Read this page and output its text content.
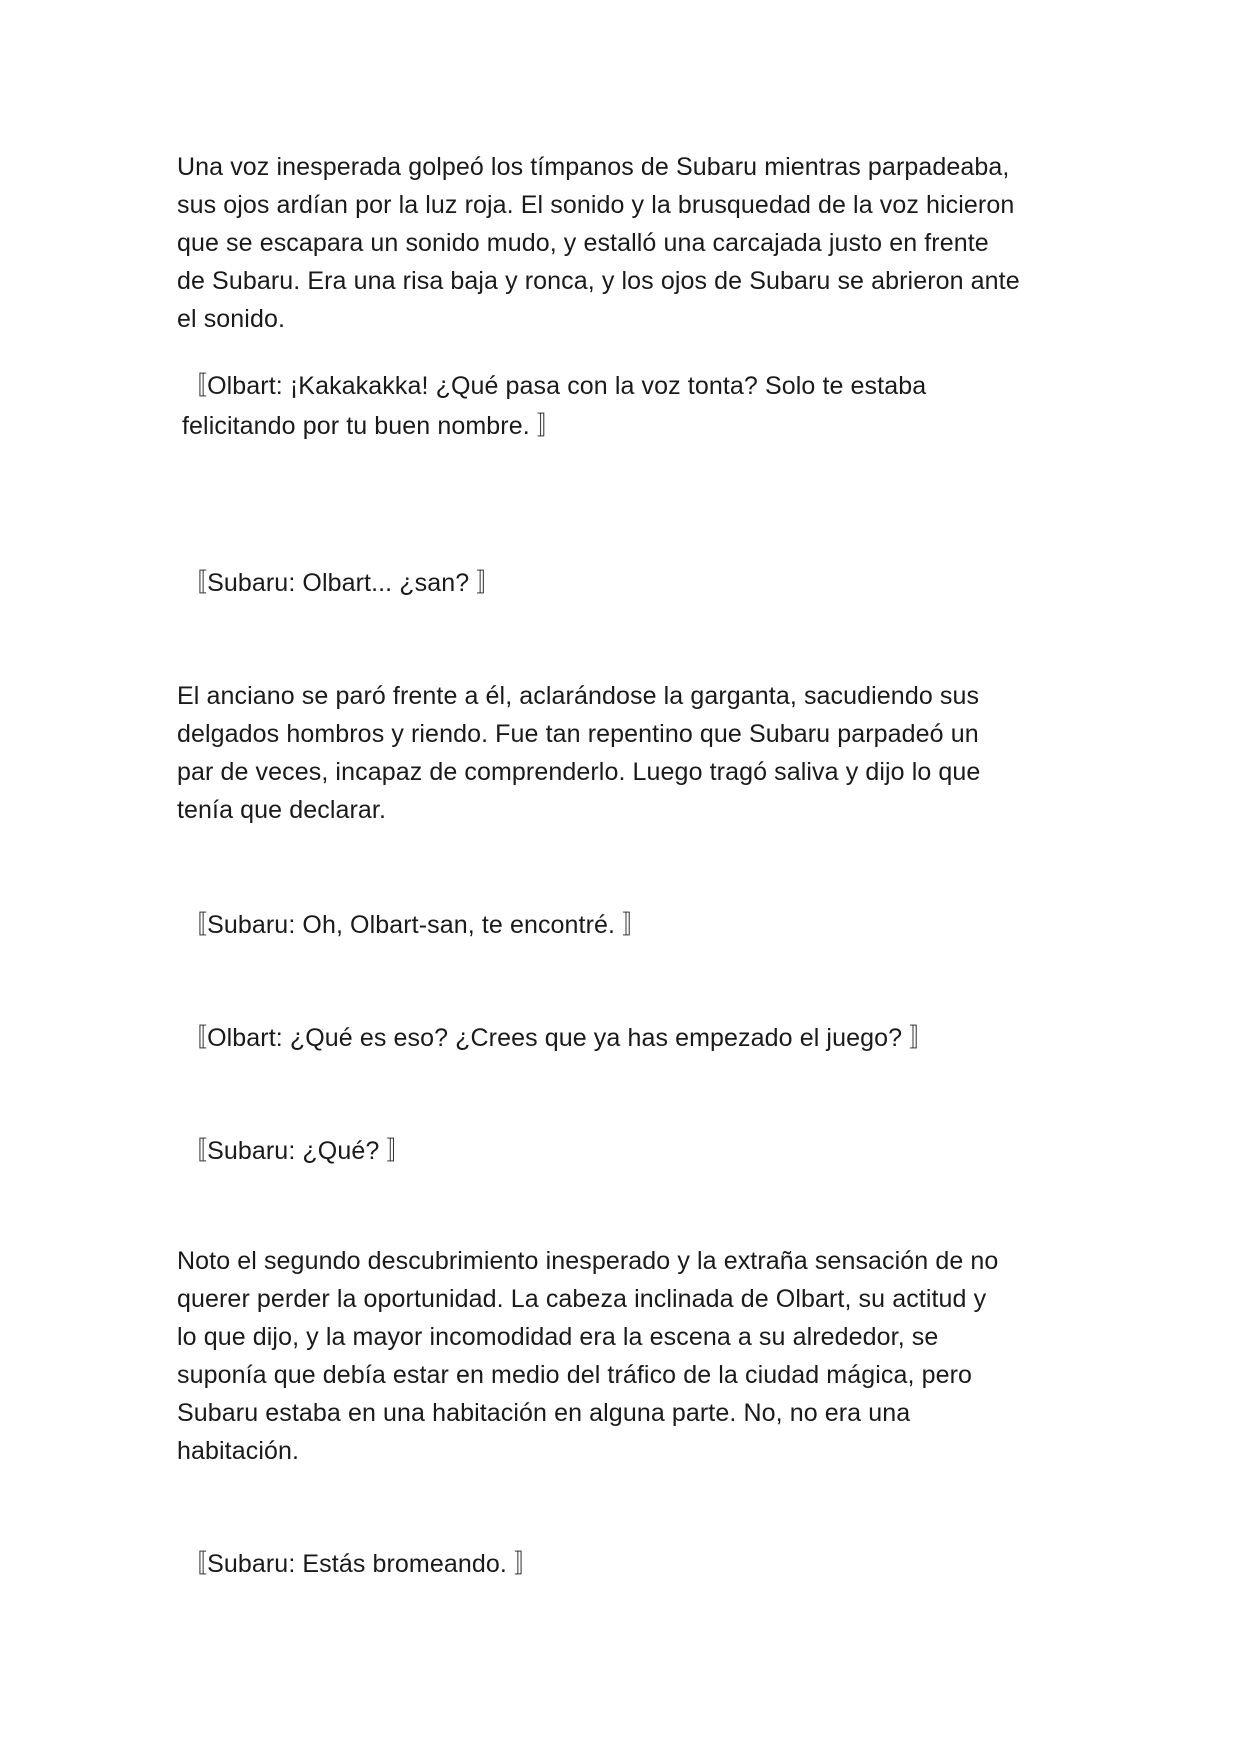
Una voz inesperada golpeó los tímpanos de Subaru mientras parpadeaba,
sus ojos ardían por la luz roja. El sonido y la brusquedad de la voz hicieron
que se escapara un sonido mudo, y estalló una carcajada justo en frente
de Subaru. Era una risa baja y ronca, y los ojos de Subaru se abrieron ante
el sonido.

〚Olbart: ¡Kakakakka! ¿Qué pasa con la voz tonta? Solo te estaba
felicitando por tu buen nombre. 〛

〚Subaru: Olbart... ¿san? 〛

El anciano se paró frente a él, aclarándose la garganta, sacudiendo sus
delgados hombros y riendo. Fue tan repentino que Subaru parpadeó un
par de veces, incapaz de comprenderlo. Luego tragó saliva y dijo lo que
tenía que declarar.

〚Subaru: Oh, Olbart-san, te encontré. 〛

〚Olbart: ¿Qué es eso? ¿Crees que ya has empezado el juego? 〛

〚Subaru: ¿Qué? 〛

Noto el segundo descubrimiento inesperado y la extraña sensación de no
querer perder la oportunidad. La cabeza inclinada de Olbart, su actitud y
lo que dijo, y la mayor incomodidad era la escena a su alrededor, se
suponía que debía estar en medio del tráfico de la ciudad mágica, pero
Subaru estaba en una habitación en alguna parte. No, no era una
habitación.

〚Subaru: Estás bromeando. 〛
